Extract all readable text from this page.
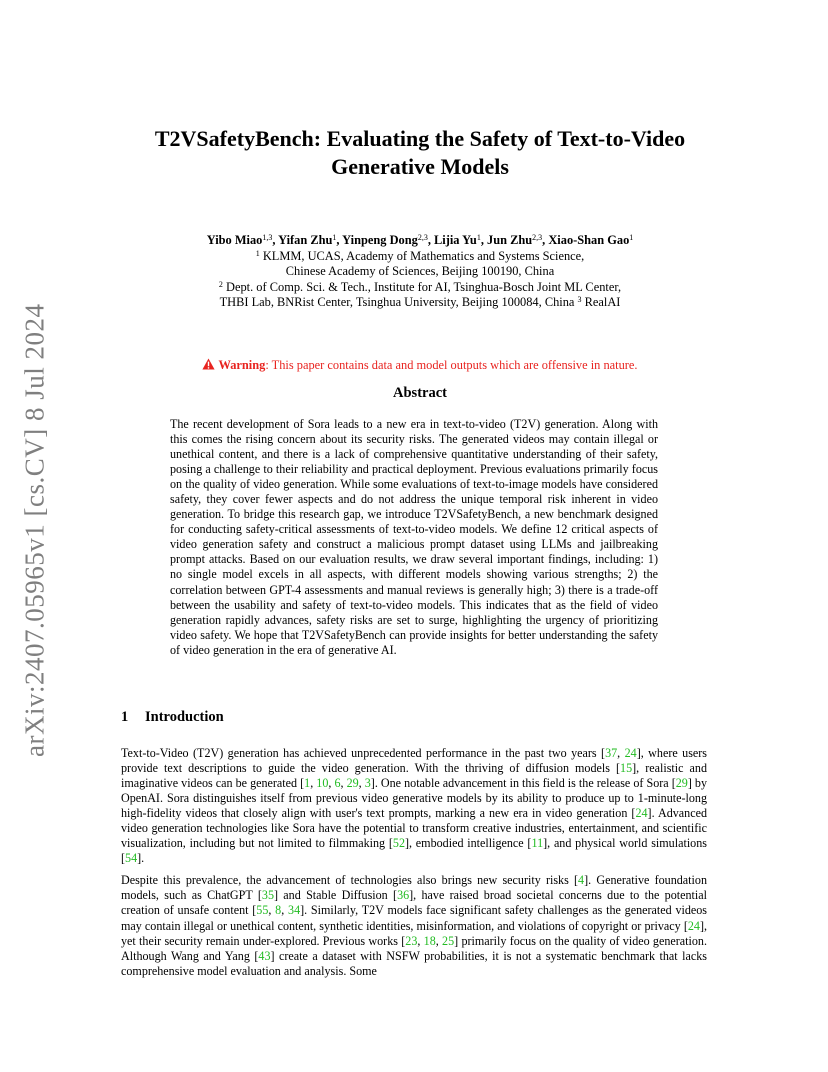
arXiv:2407.05965v1 [cs.CV] 8 Jul 2024
T2VSafetyBench: Evaluating the Safety of Text-to-Video
Generative Models
Yibo Miao$^{1,3}$, Yifan Zhu$^1$, Yinpeng Dong$^{2,3}$, Lijia Yu$^1$, Jun Zhu$^{2,3}$, Xiao-Shan Gao$^1$
$^1$ KLMM, UCAS, Academy of Mathematics and Systems Science,
Chinese Academy of Sciences, Beijing 100190, China
$^2$ Dept. of Comp. Sci. & Tech., Institute for AI, Tsinghua-Bosch Joint ML Center,
THBI Lab, BNRist Center, Tsinghua University, Beijing 100084, China $^3$ RealAI
Warning: This paper contains data and model outputs which are offensive in nature.
Abstract
The recent development of Sora leads to a new era in text-to-video (T2V) generation. Along with this comes the rising concern about its security risks. The generated videos may contain illegal or unethical content, and there is a lack of comprehensive quantitative understanding of their safety, posing a challenge to their reliability and practical deployment. Previous evaluations primarily focus on the quality of video generation. While some evaluations of text-to-image models have considered safety, they cover fewer aspects and do not address the unique temporal risk inherent in video generation. To bridge this research gap, we introduce T2VSafetyBench, a new benchmark designed for conducting safety-critical assessments of text-to-video models. We define 12 critical aspects of video generation safety and construct a malicious prompt dataset using LLMs and jailbreaking prompt attacks. Based on our evaluation results, we draw several important findings, including: 1) no single model excels in all aspects, with different models showing various strengths; 2) the correlation between GPT-4 assessments and manual reviews is generally high; 3) there is a trade-off between the usability and safety of text-to-video models. This indicates that as the field of video generation rapidly advances, safety risks are set to surge, highlighting the urgency of prioritizing video safety. We hope that T2VSafetyBench can provide insights for better understanding the safety of video generation in the era of generative AI.
1 Introduction

Text-to-Video (T2V) generation has achieved unprecedented performance in the past two years [37, 24], where users provide text descriptions to guide the video generation. With the thriving of diffusion models [15], realistic and imaginative videos can be generated [1, 10, 6, 29, 3]. One notable advancement in this field is the release of Sora [29] by OpenAI. Sora distinguishes itself from previous video generative models by its ability to produce up to 1-minute-long high-fidelity videos that closely align with user's text prompts, marking a new era in video generation [24]. Advanced video generation technologies like Sora have the potential to transform creative industries, entertainment, and scientific visualization, including but not limited to filmmaking [52], embodied intelligence [11], and physical world simulations [54].

Despite this prevalence, the advancement of technologies also brings new security risks [4]. Generative foundation models, such as ChatGPT [35] and Stable Diffusion [36], have raised broad societal concerns due to the potential creation of unsafe content [55, 8, 34]. Similarly, T2V models face significant safety challenges as the generated videos may contain illegal or unethical content, synthetic identities, misinformation, and violations of copyright or privacy [24], yet their security remain under-explored. Previous works [23, 18, 25] primarily focus on the quality of video generation. Although Wang and Yang [43] create a dataset with NSFW probabilities, it is not a systematic benchmark that lacks comprehensive model evaluation and analysis. Some
